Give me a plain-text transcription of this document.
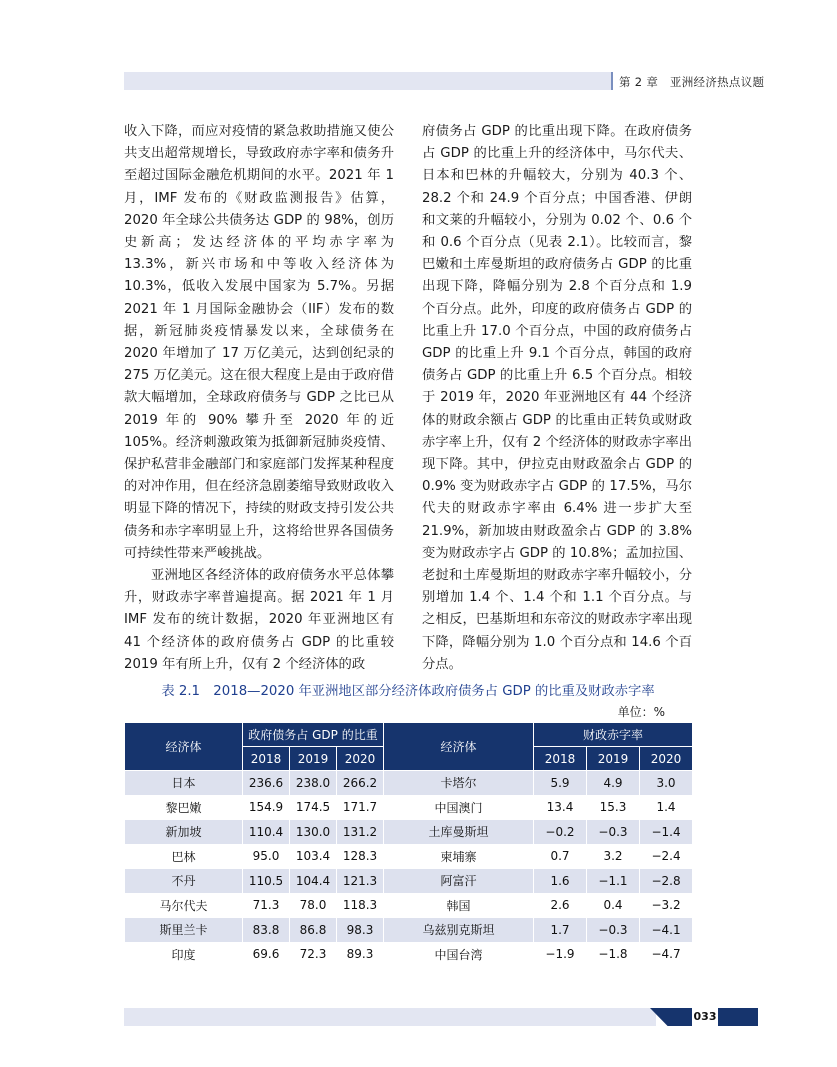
第 2 章　亚洲经济热点议题

收入下降，而应对疫情的紧急救助措施又使公共支出超常规增长，导致政府赤字率和债务升至超过国际金融危机期间的水平。2021 年 1 月，IMF 发布的《财政监测报告》估算，2020 年全球公共债务达 GDP 的 98%，创历史新高；发达经济体的平均赤字率为 13.3%，新兴市场和中等收入经济体为 10.3%，低收入发展中国家为 5.7%。另据 2021 年 1 月国际金融协会（IIF）发布的数据，新冠肺炎疫情暴发以来，全球债务在 2020 年增加了 17 万亿美元，达到创纪录的 275 万亿美元。这在很大程度上是由于政府借款大幅增加，全球政府债务与 GDP 之比已从 2019 年的 90% 攀升至 2020 年的近 105%。经济刺激政策为抵御新冠肺炎疫情、保护私营非金融部门和家庭部门发挥某种程度的对冲作用，但在经济急剧萎缩导致财政收入明显下降的情况下，持续的财政支持引发公共债务和赤字率明显上升，这将给世界各国债务可持续性带来严峻挑战。

亚洲地区各经济体的政府债务水平总体攀升，财政赤字率普遍提高。据 2021 年 1 月 IMF 发布的统计数据，2020 年亚洲地区有 41 个经济体的政府债务占 GDP 的比重较 2019 年有所上升，仅有 2 个经济体的政

府债务占 GDP 的比重出现下降。在政府债务占 GDP 的比重上升的经济体中，马尔代夫、日本和巴林的升幅较大，分别为 40.3 个、28.2 个和 24.9 个百分点；中国香港、伊朗和文莱的升幅较小，分别为 0.02 个、0.6 个和 0.6 个百分点（见表 2.1）。比较而言，黎巴嫩和土库曼斯坦的政府债务占 GDP 的比重出现下降，降幅分别为 2.8 个百分点和 1.9 个百分点。此外，印度的政府债务占 GDP 的比重上升 17.0 个百分点，中国的政府债务占 GDP 的比重上升 9.1 个百分点，韩国的政府债务占 GDP 的比重上升 6.5 个百分点。相较于 2019 年，2020 年亚洲地区有 44 个经济体的财政余额占 GDP 的比重由正转负或财政赤字率上升，仅有 2 个经济体的财政赤字率出现下降。其中，伊拉克由财政盈余占 GDP 的 0.9% 变为财政赤字占 GDP 的 17.5%，马尔代夫的财政赤字率由 6.4% 进一步扩大至 21.9%，新加坡由财政盈余占 GDP 的 3.8% 变为财政赤字占 GDP 的 10.8%；孟加拉国、老挝和土库曼斯坦的财政赤字率升幅较小，分别增加 1.4 个、1.4 个和 1.1 个百分点。与之相反，巴基斯坦和东帝汶的财政赤字率出现下降，降幅分别为 1.0 个百分点和 14.6 个百分点。

表 2.1　2018—2020 年亚洲地区部分经济体政府债务占 GDP 的比重及财政赤字率
单位：%
经济体	政府债务占 GDP 的比重			经济体	财政赤字率		
	2018	2019	2020		2018	2019	2020
日本	236.6	238.0	266.2	卡塔尔	5.9	4.9	3.0
黎巴嫩	154.9	174.5	171.7	中国澳门	13.4	15.3	1.4
新加坡	110.4	130.0	131.2	土库曼斯坦	−0.2	−0.3	−1.4
巴林	95.0	103.4	128.3	柬埔寨	0.7	3.2	−2.4
不丹	110.5	104.4	121.3	阿富汗	1.6	−1.1	−2.8
马尔代夫	71.3	78.0	118.3	韩国	2.6	0.4	−3.2
斯里兰卡	83.8	86.8	98.3	乌兹别克斯坦	1.7	−0.3	−4.1
印度	69.6	72.3	89.3	中国台湾	−1.9	−1.8	−4.7
033
